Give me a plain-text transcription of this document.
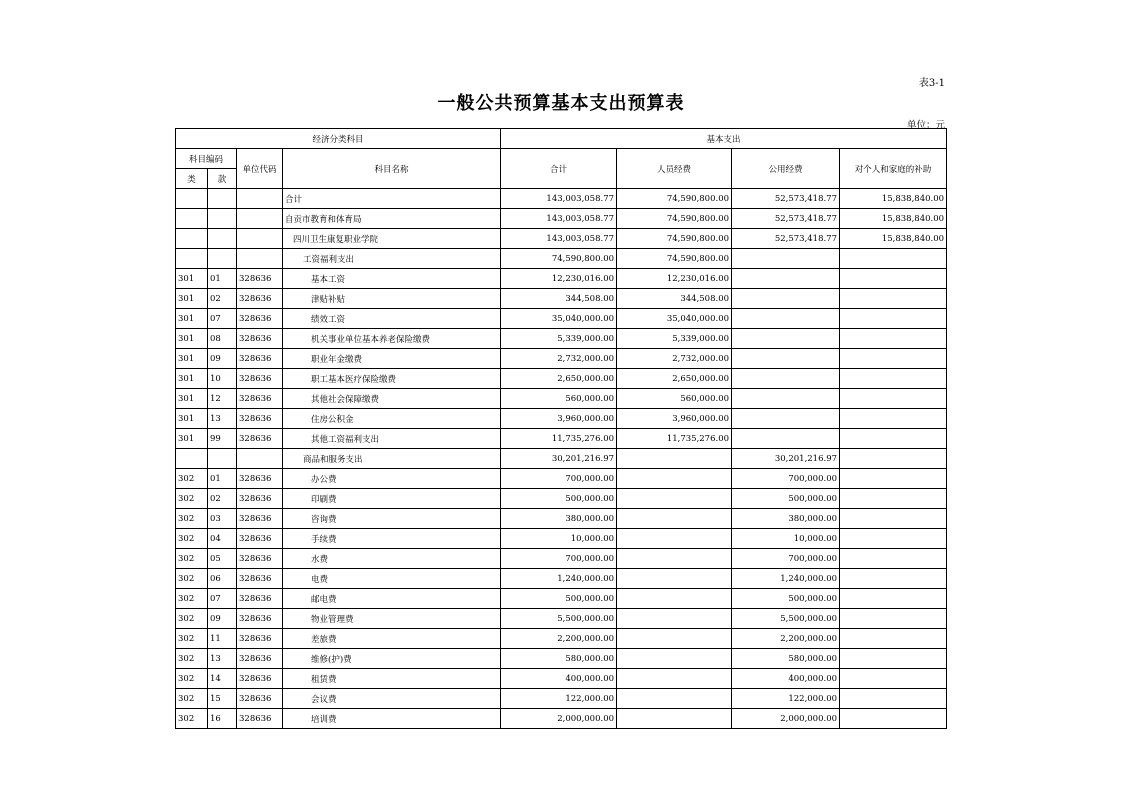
表3-1
一般公共预算基本支出预算表
单位：元
经济分类科目				基本支出			
科目编码		单位代码	科目名称	合计	人员经费	公用经费	对个人和家庭的补助
类	款						
			合计	143,003,058.77	74,590,800.00	52,573,418.77	15,838,840.00
			自贡市教育和体育局	143,003,058.77	74,590,800.00	52,573,418.77	15,838,840.00
			四川卫生康复职业学院	143,003,058.77	74,590,800.00	52,573,418.77	15,838,840.00
			工资福利支出	74,590,800.00	74,590,800.00		
301	01	328636	基本工资	12,230,016.00	12,230,016.00		
301	02	328636	津贴补贴	344,508.00	344,508.00		
301	07	328636	绩效工资	35,040,000.00	35,040,000.00		
301	08	328636	机关事业单位基本养老保险缴费	5,339,000.00	5,339,000.00		
301	09	328636	职业年金缴费	2,732,000.00	2,732,000.00		
301	10	328636	职工基本医疗保险缴费	2,650,000.00	2,650,000.00		
301	12	328636	其他社会保障缴费	560,000.00	560,000.00		
301	13	328636	住房公积金	3,960,000.00	3,960,000.00		
301	99	328636	其他工资福利支出	11,735,276.00	11,735,276.00		
			商品和服务支出	30,201,216.97		30,201,216.97	
302	01	328636	办公费	700,000.00		700,000.00	
302	02	328636	印刷费	500,000.00		500,000.00	
302	03	328636	咨询费	380,000.00		380,000.00	
302	04	328636	手续费	10,000.00		10,000.00	
302	05	328636	水费	700,000.00		700,000.00	
302	06	328636	电费	1,240,000.00		1,240,000.00	
302	07	328636	邮电费	500,000.00		500,000.00	
302	09	328636	物业管理费	5,500,000.00		5,500,000.00	
302	11	328636	差旅费	2,200,000.00		2,200,000.00	
302	13	328636	维修(护)费	580,000.00		580,000.00	
302	14	328636	租赁费	400,000.00		400,000.00	
302	15	328636	会议费	122,000.00		122,000.00	
302	16	328636	培训费	2,000,000.00		2,000,000.00	
